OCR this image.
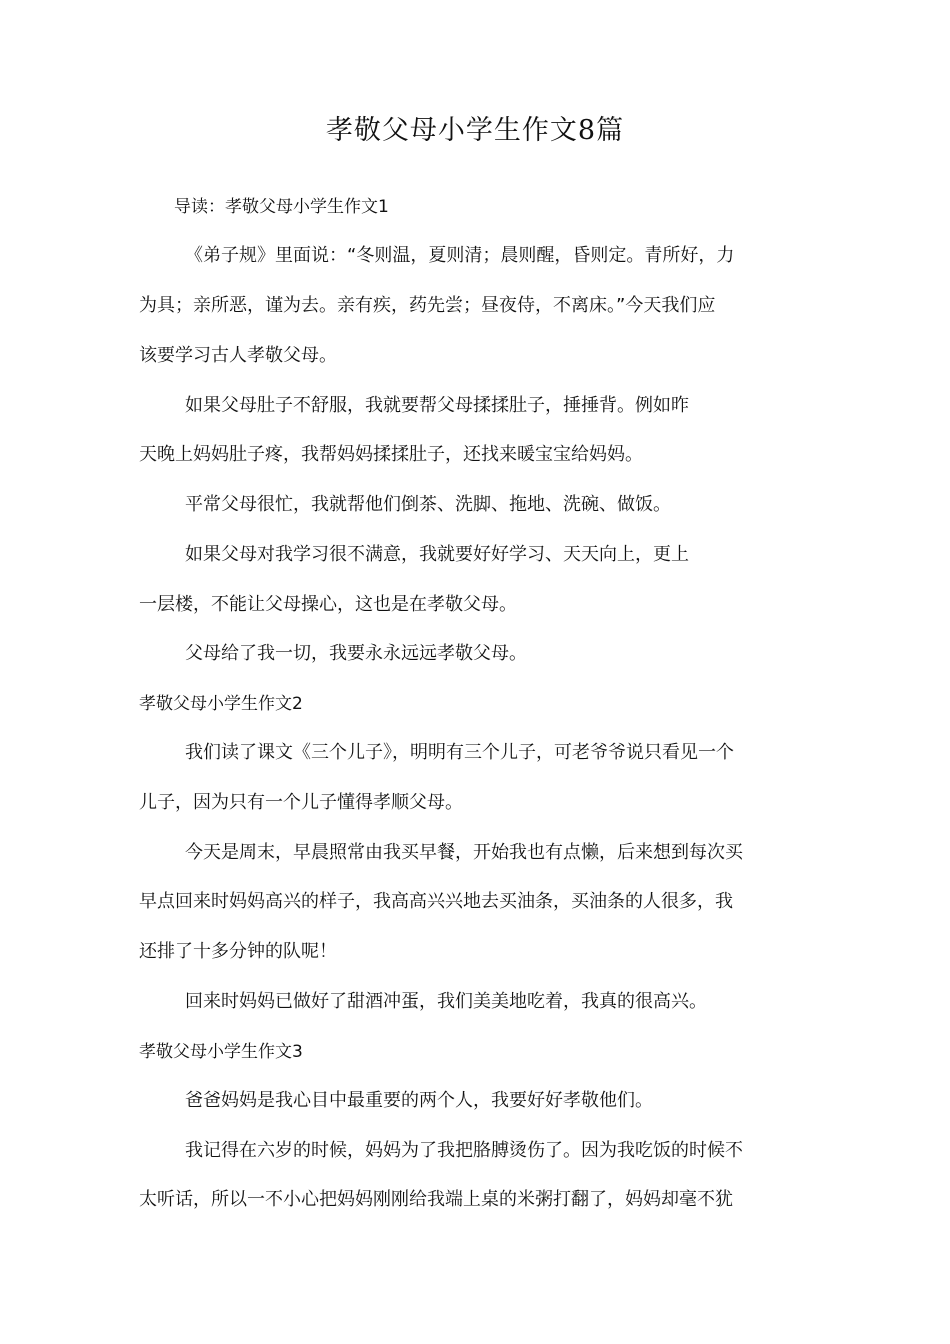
孝敬父母小学生作文8篇
导读：孝敬父母小学生作文1
《弟子规》里面说：“冬则温，夏则清；晨则醒，昏则定。青所好，力
为具；亲所恶，谨为去。亲有疾，药先尝；昼夜侍，不离床。”今天我们应
该要学习古人孝敬父母。
如果父母肚子不舒服，我就要帮父母揉揉肚子，捶捶背。例如昨
天晚上妈妈肚子疼，我帮妈妈揉揉肚子，还找来暖宝宝给妈妈。
平常父母很忙，我就帮他们倒茶、洗脚、拖地、洗碗、做饭。
如果父母对我学习很不满意，我就要好好学习、天天向上，更上
一层楼，不能让父母操心，这也是在孝敬父母。
父母给了我一切，我要永永远远孝敬父母。
孝敬父母小学生作文2
我们读了课文《三个儿子》，明明有三个儿子，可老爷爷说只看见一个
儿子，因为只有一个儿子懂得孝顺父母。
今天是周末，早晨照常由我买早餐，开始我也有点懒，后来想到每次买
早点回来时妈妈高兴的样子，我高高兴兴地去买油条，买油条的人很多，我
还排了十多分钟的队呢！
回来时妈妈已做好了甜酒冲蛋，我们美美地吃着，我真的很高兴。
孝敬父母小学生作文3
爸爸妈妈是我心目中最重要的两个人，我要好好孝敬他们。
我记得在六岁的时候，妈妈为了我把胳膊烫伤了。因为我吃饭的时候不
太听话，所以一不小心把妈妈刚刚给我端上桌的米粥打翻了，妈妈却毫不犹
